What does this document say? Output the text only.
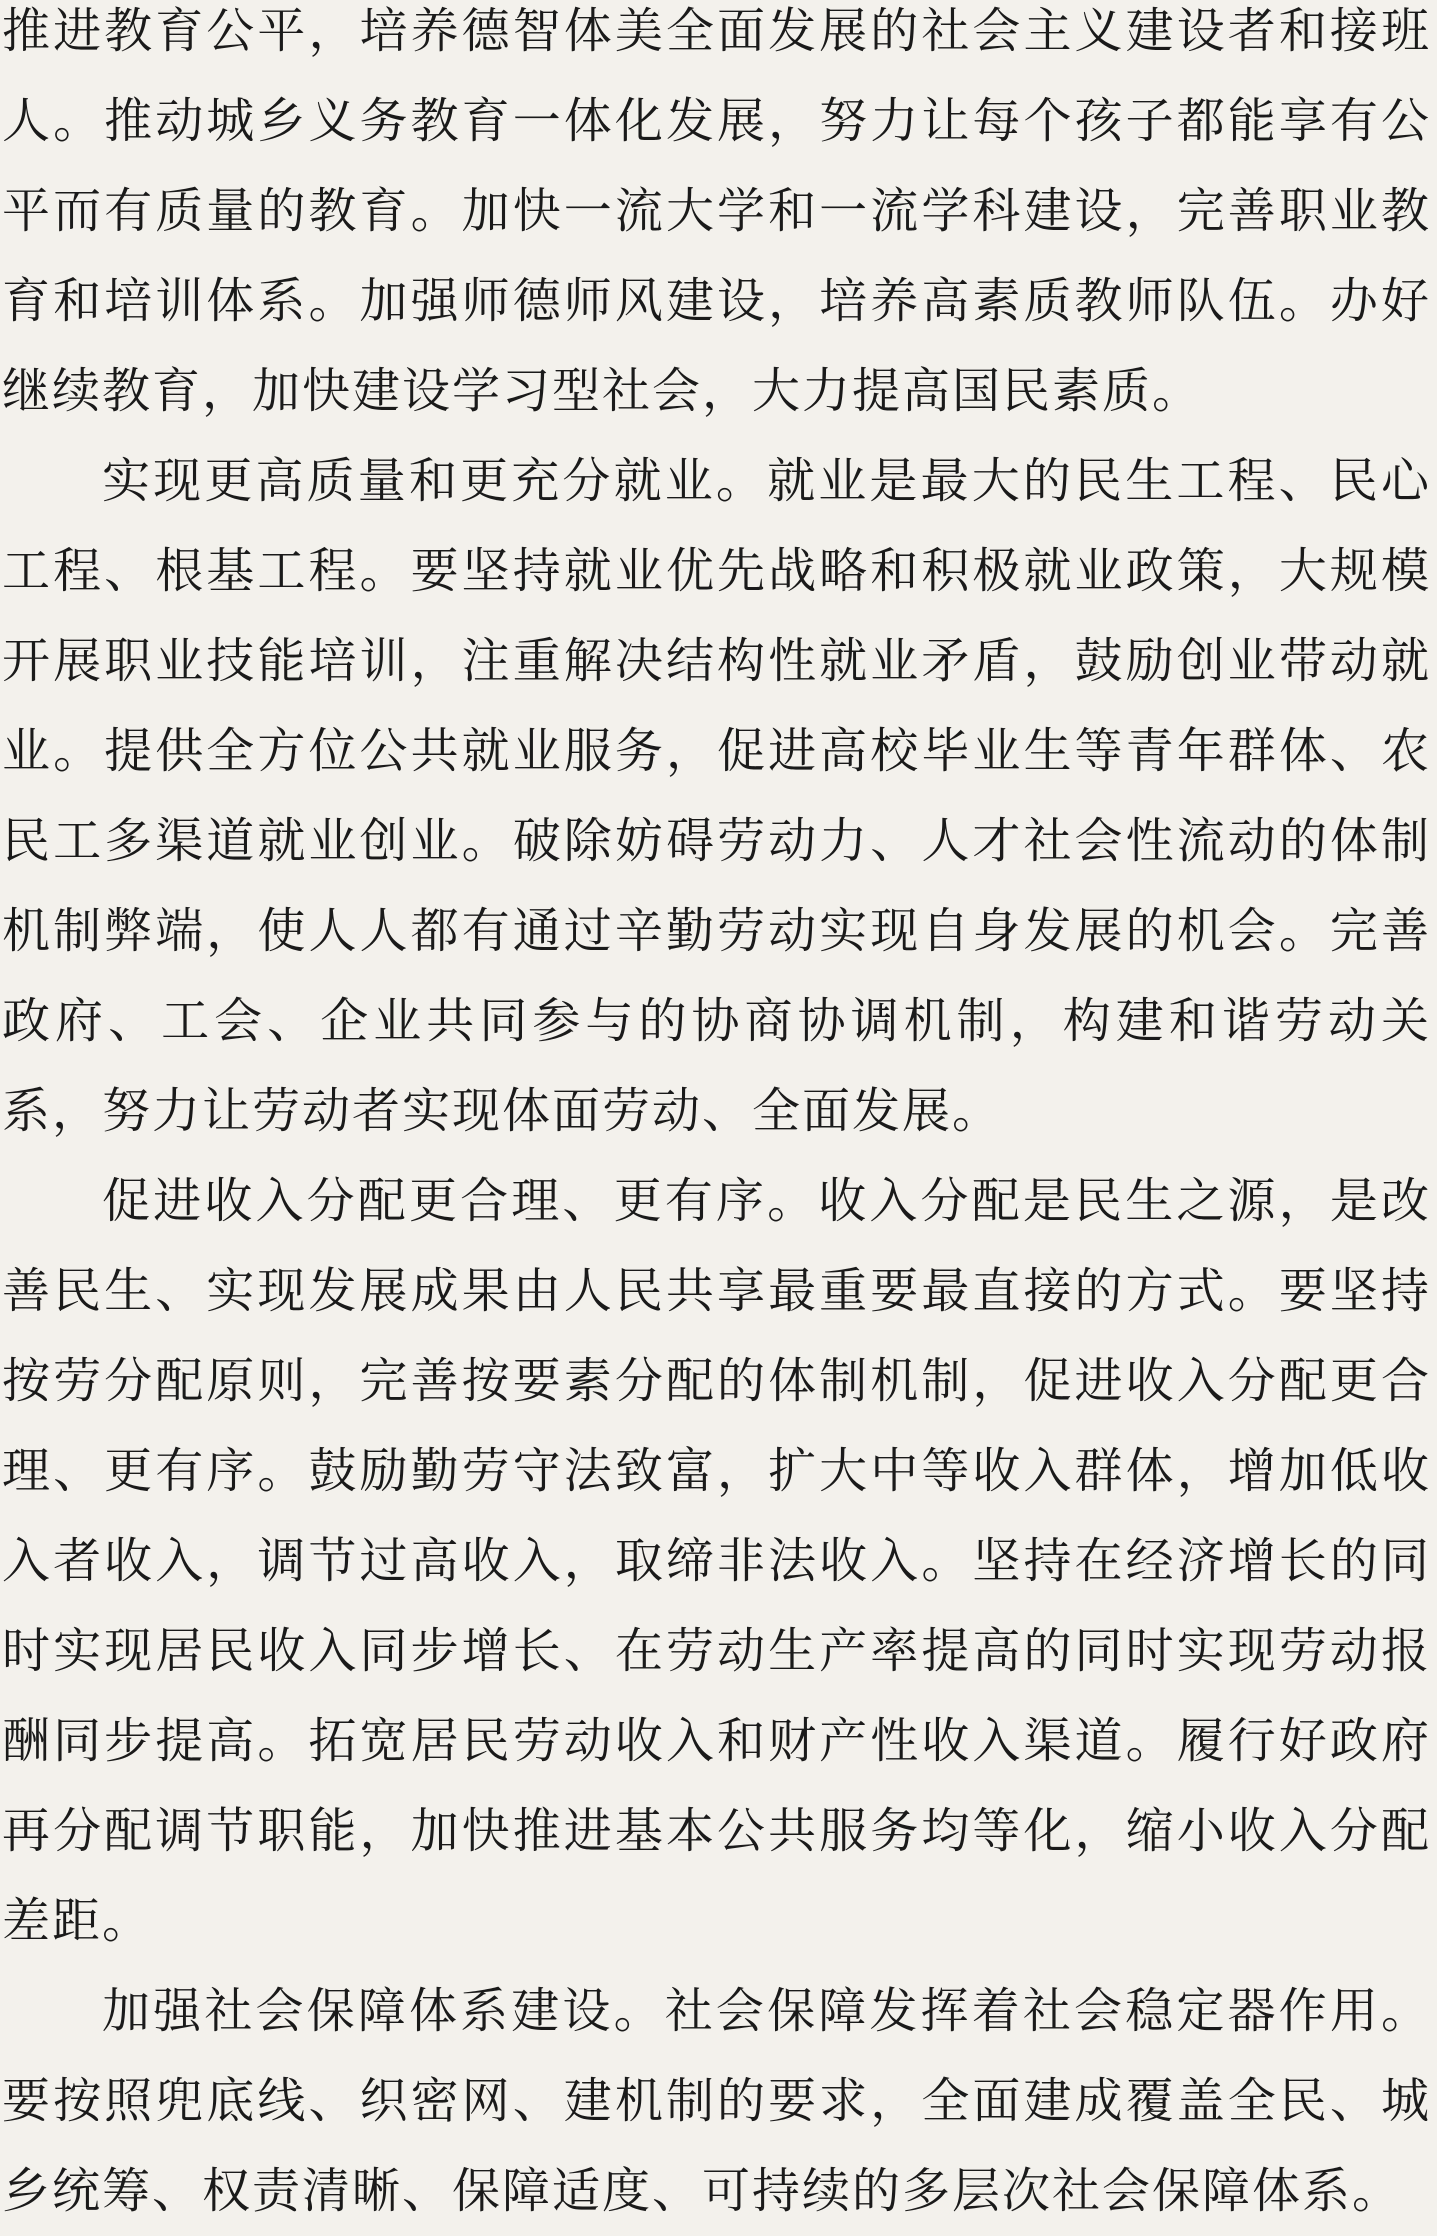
推进教育公平，培养德智体美全面发展的社会主义建设者和接班人。推动城乡义务教育一体化发展，努力让每个孩子都能享有公平而有质量的教育。加快一流大学和一流学科建设，完善职业教育和培训体系。加强师德师风建设，培养高素质教师队伍。办好继续教育，加快建设学习型社会，大力提高国民素质。

实现更高质量和更充分就业。就业是最大的民生工程、民心工程、根基工程。要坚持就业优先战略和积极就业政策，大规模开展职业技能培训，注重解决结构性就业矛盾，鼓励创业带动就业。提供全方位公共就业服务，促进高校毕业生等青年群体、农民工多渠道就业创业。破除妨碍劳动力、人才社会性流动的体制机制弊端，使人人都有通过辛勤劳动实现自身发展的机会。完善政府、工会、企业共同参与的协商协调机制，构建和谐劳动关系，努力让劳动者实现体面劳动、全面发展。

促进收入分配更合理、更有序。收入分配是民生之源，是改善民生、实现发展成果由人民共享最重要最直接的方式。要坚持按劳分配原则，完善按要素分配的体制机制，促进收入分配更合理、更有序。鼓励勤劳守法致富，扩大中等收入群体，增加低收入者收入，调节过高收入，取缔非法收入。坚持在经济增长的同时实现居民收入同步增长、在劳动生产率提高的同时实现劳动报酬同步提高。拓宽居民劳动收入和财产性收入渠道。履行好政府再分配调节职能，加快推进基本公共服务均等化，缩小收入分配差距。

加强社会保障体系建设。社会保障发挥着社会稳定器作用。要按照兜底线、织密网、建机制的要求，全面建成覆盖全民、城乡统筹、权责清晰、保障适度、可持续的多层次社会保障体系。
